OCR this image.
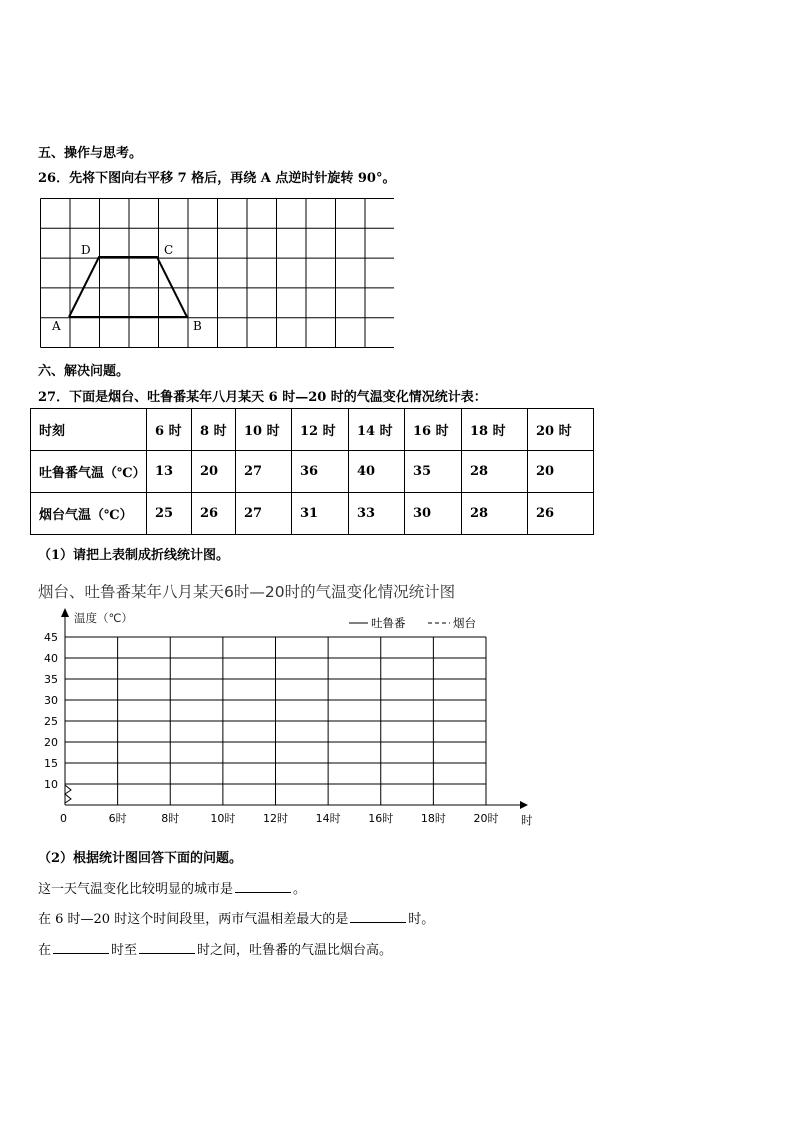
五、操作与思考。
26．先将下图向右平移 7 格后，再绕 A 点逆时针旋转 90°。
A	B
C
D
六、解决问题。
27．下面是烟台、吐鲁番某年八月某天 6 时—20 时的气温变化情况统计表：
时刻	6 时	8 时	10 时	12 时	14 时	16 时	18 时	20 时
吐鲁番气温（℃）	13	20	27	36	40	35	28	20
烟台气温（℃）	25	26	27	31	33	30	28	26
（1）请把上表制成折线统计图。
烟台、吐鲁番某年八月某天6时—20时的气温变化情况统计图
温度（℃）	吐鲁番	烟台
10
15
20
25
30
35
40
45
6时	8时	10时	12时	14时	16时	18时	20时
0	时
（2）根据统计图回答下面的问题。
这一天气温变化比较明显的城市是	。
在 6 时—20 时这个时间段里，两市气温相差最大的是	时。
在	时至	时之间，吐鲁番的气温比烟台高。
